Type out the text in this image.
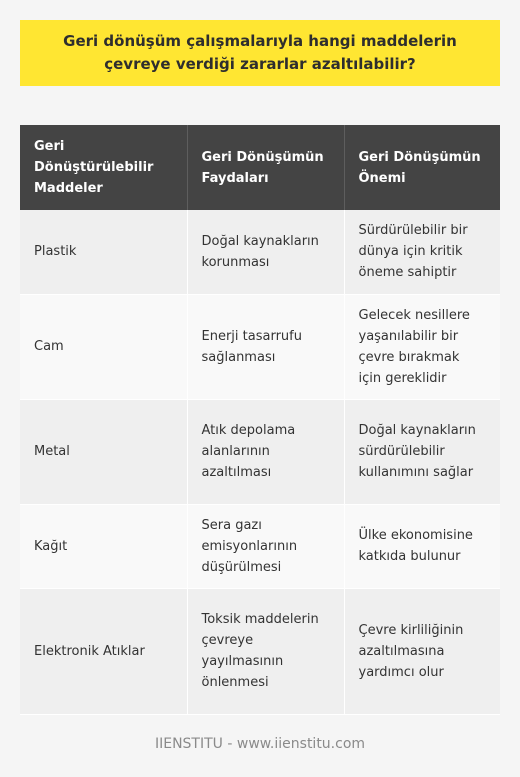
Geri dönüşüm çalışmalarıyla hangi maddelerin çevreye verdiği zararlar azaltılabilir?
Geri Dönüştürülebilir Maddeler	Geri Dönüşümün Faydaları	Geri Dönüşümün Önemi
Plastik	Doğal kaynakların korunması	Sürdürülebilir bir dünya için kritik öneme sahiptir
Cam	Enerji tasarrufu sağlanması	Gelecek nesillere yaşanılabilir bir çevre bırakmak için gereklidir
Metal	Atık depolama alanlarının azaltılması	Doğal kaynakların sürdürülebilir kullanımını sağlar
Kağıt	Sera gazı emisyonlarının düşürülmesi	Ülke ekonomisine katkıda bulunur
Elektronik Atıklar	Toksik maddelerin çevreye yayılmasının önlenmesi	Çevre kirliliğinin azaltılmasına yardımcı olur
IIENSTITU - www.iienstitu.com
